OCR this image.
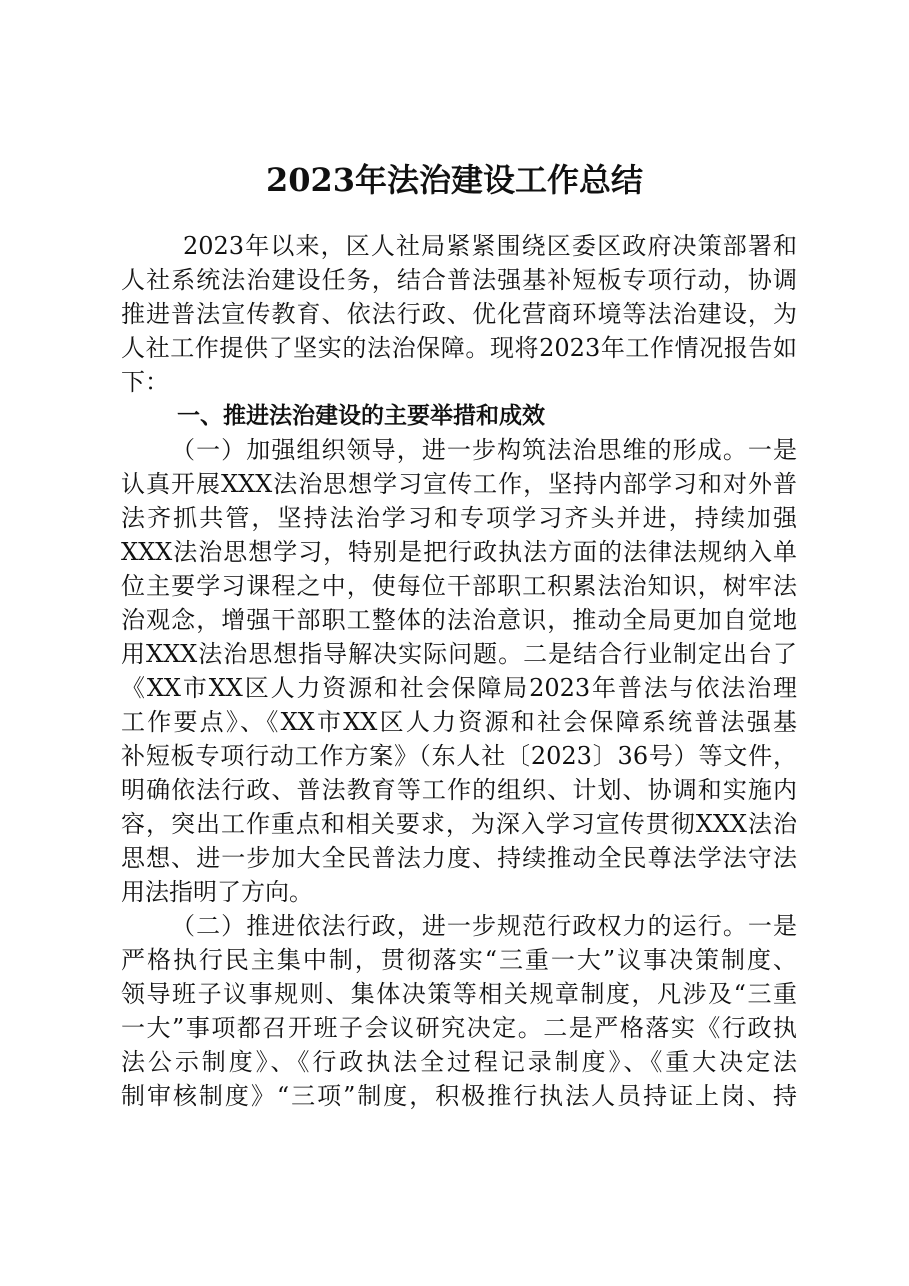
2023年法治建设工作总结
2023年以来，区人社局紧紧围绕区委区政府决策部署和
人社系统法治建设任务，结合普法强基补短板专项行动，协调
推进普法宣传教育、依法行政、优化营商环境等法治建设，为
人社工作提供了坚实的法治保障。现将2023年工作情况报告如
下：
一、推进法治建设的主要举措和成效
（一）加强组织领导，进一步构筑法治思维的形成。一是
认真开展XXX法治思想学习宣传工作，坚持内部学习和对外普
法齐抓共管，坚持法治学习和专项学习齐头并进，持续加强
XXX法治思想学习，特别是把行政执法方面的法律法规纳入单
位主要学习课程之中，使每位干部职工积累法治知识，树牢法
治观念，增强干部职工整体的法治意识，推动全局更加自觉地
用XXX法治思想指导解决实际问题。二是结合行业制定出台了
《XX市XX区人力资源和社会保障局2023年普法与依法治理
工作要点》、《XX市XX区人力资源和社会保障系统普法强基
补短板专项行动工作方案》（东人社〔2023〕36号）等文件，
明确依法行政、普法教育等工作的组织、计划、协调和实施内
容，突出工作重点和相关要求，为深入学习宣传贯彻XXX法治
思想、进一步加大全民普法力度、持续推动全民尊法学法守法
用法指明了方向。
（二）推进依法行政，进一步规范行政权力的运行。一是
严格执行民主集中制，贯彻落实“三重一大”议事决策制度、
领导班子议事规则、集体决策等相关规章制度，凡涉及“三重
一大”事项都召开班子会议研究决定。二是严格落实《行政执
法公示制度》、《行政执法全过程记录制度》、《重大决定法
制审核制度》“三项”制度，积极推行执法人员持证上岗、持
